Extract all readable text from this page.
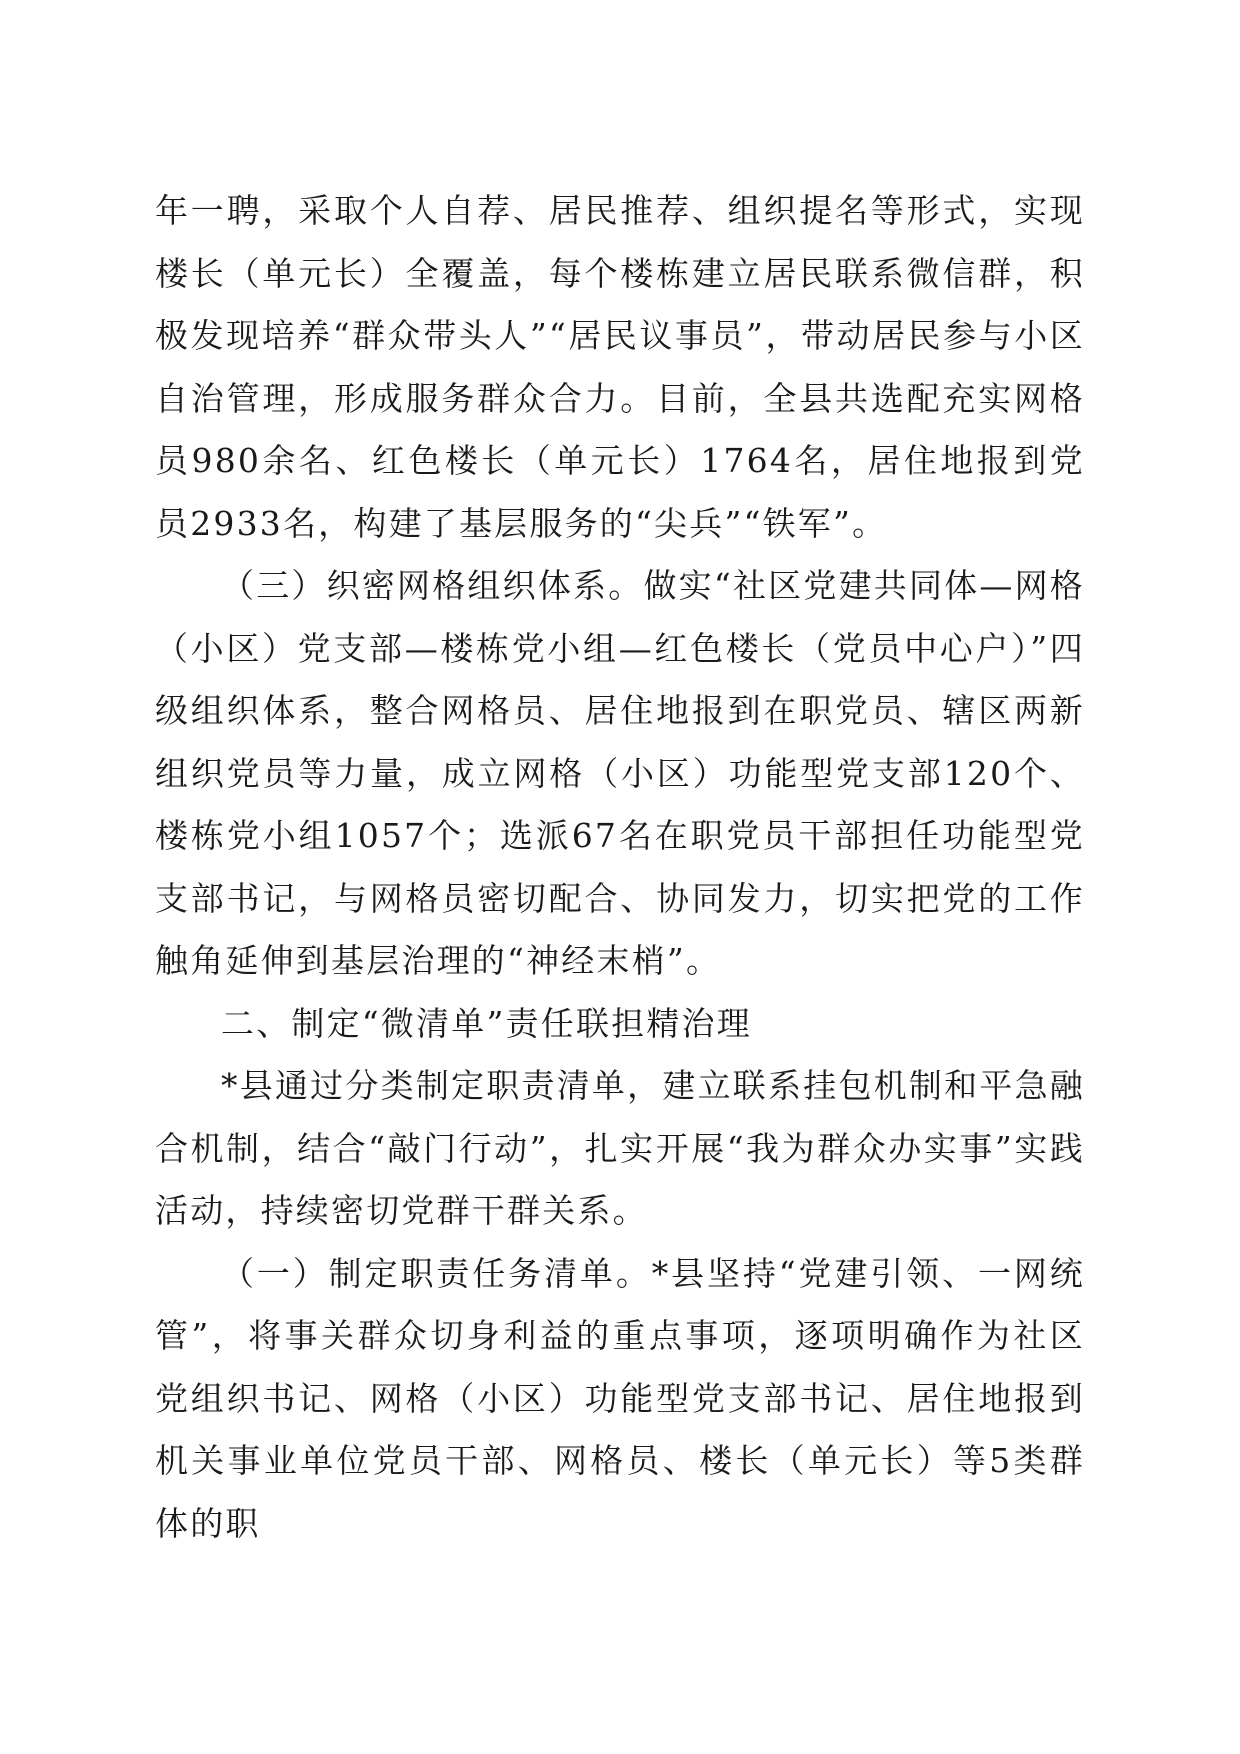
年一聘，采取个人自荐、居民推荐、组织提名等形式，实现楼长（单元长）全覆盖，每个楼栋建立居民联系微信群，积极发现培养“群众带头人”“居民议事员”，带动居民参与小区自治管理，形成服务群众合力。目前，全县共选配充实网格员980余名、红色楼长（单元长）1764名，居住地报到党员2933名，构建了基层服务的“尖兵”“铁军”。

（三）织密网格组织体系。做实“社区党建共同体—网格（小区）党支部—楼栋党小组—红色楼长（党员中心户）”四级组织体系，整合网格员、居住地报到在职党员、辖区两新组织党员等力量，成立网格（小区）功能型党支部120个、楼栋党小组1057个；选派67名在职党员干部担任功能型党支部书记，与网格员密切配合、协同发力，切实把党的工作触角延伸到基层治理的“神经末梢”。

二、制定“微清单”责任联担精治理

*县通过分类制定职责清单，建立联系挂包机制和平急融合机制，结合“敲门行动”，扎实开展“我为群众办实事”实践活动，持续密切党群干群关系。

（一）制定职责任务清单。*县坚持“党建引领、一网统管”，将事关群众切身利益的重点事项，逐项明确作为社区党组织书记、网格（小区）功能型党支部书记、居住地报到机关事业单位党员干部、网格员、楼长（单元长）等5类群体的职
